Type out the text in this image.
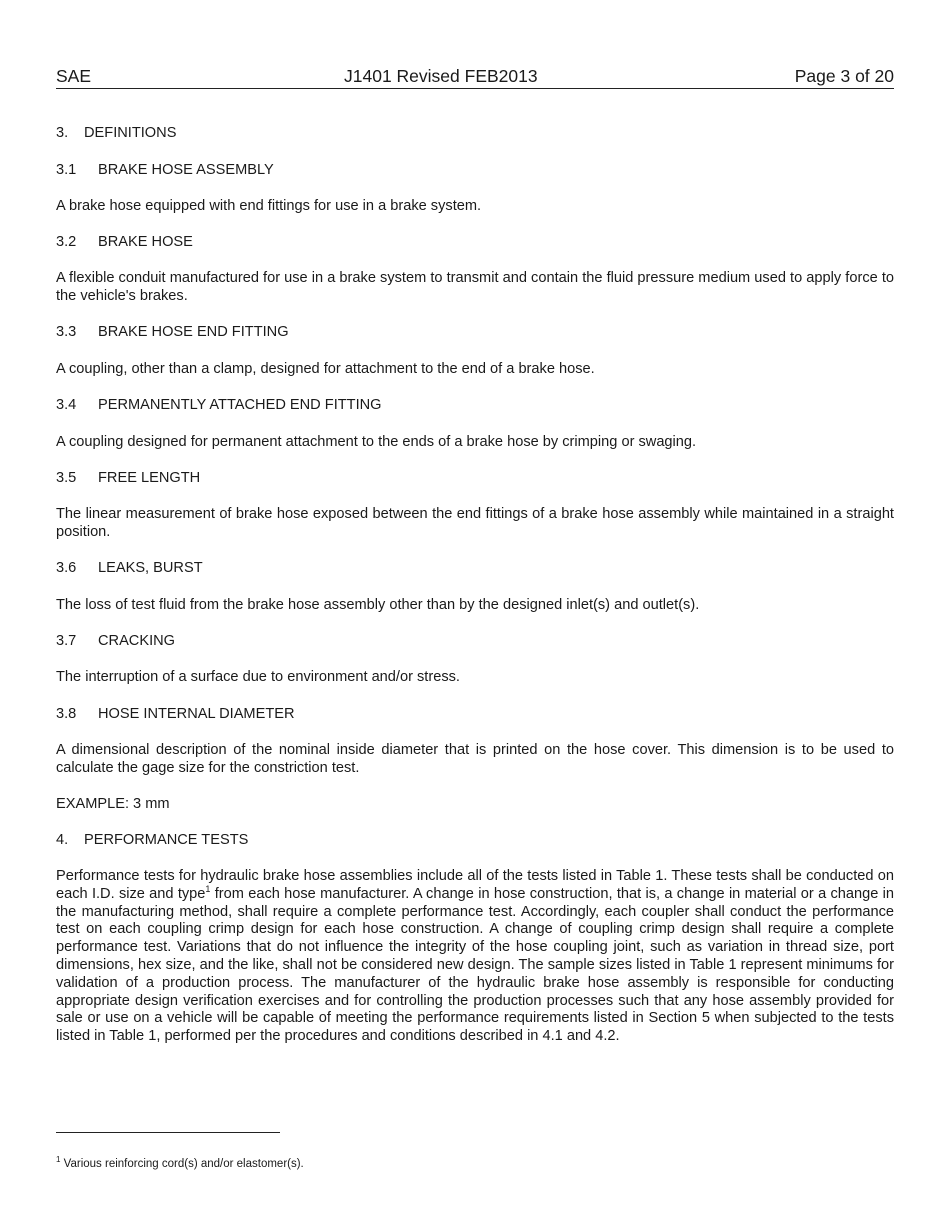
SAE	J1401 Revised FEB2013	Page 3 of 20
3. DEFINITIONS
3.1 BRAKE HOSE ASSEMBLY
A brake hose equipped with end fittings for use in a brake system.
3.2 BRAKE HOSE
A flexible conduit manufactured for use in a brake system to transmit and contain the fluid pressure medium used to apply force to the vehicle's brakes.
3.3 BRAKE HOSE END FITTING
A coupling, other than a clamp, designed for attachment to the end of a brake hose.
3.4 PERMANENTLY ATTACHED END FITTING
A coupling designed for permanent attachment to the ends of a brake hose by crimping or swaging.
3.5 FREE LENGTH
The linear measurement of brake hose exposed between the end fittings of a brake hose assembly while maintained in a straight position.
3.6 LEAKS, BURST
The loss of test fluid from the brake hose assembly other than by the designed inlet(s) and outlet(s).
3.7 CRACKING
The interruption of a surface due to environment and/or stress.
3.8 HOSE INTERNAL DIAMETER
A dimensional description of the nominal inside diameter that is printed on the hose cover. This dimension is to be used to calculate the gage size for the constriction test.
EXAMPLE: 3 mm
4. PERFORMANCE TESTS
Performance tests for hydraulic brake hose assemblies include all of the tests listed in Table 1. These tests shall be conducted on each I.D. size and type$^1$ from each hose manufacturer. A change in hose construction, that is, a change in material or a change in the manufacturing method, shall require a complete performance test. Accordingly, each coupler shall conduct the performance test on each coupling crimp design for each hose construction. A change of coupling crimp design shall require a complete performance test. Variations that do not influence the integrity of the hose coupling joint, such as variation in thread size, port dimensions, hex size, and the like, shall not be considered new design. The sample sizes listed in Table 1 represent minimums for validation of a production process. The manufacturer of the hydraulic brake hose assembly is responsible for conducting appropriate design verification exercises and for controlling the production processes such that any hose assembly provided for sale or use on a vehicle will be capable of meeting the performance requirements listed in Section 5 when subjected to the tests listed in Table 1, performed per the procedures and conditions described in 4.1 and 4.2.
$^1$ Various reinforcing cord(s) and/or elastomer(s).
